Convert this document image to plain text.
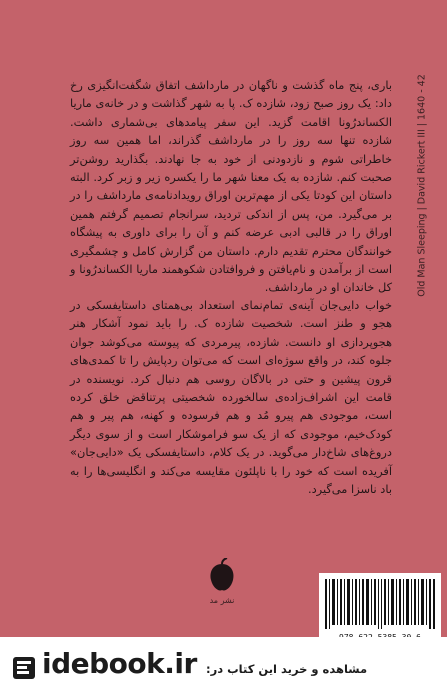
Old Man Sleeping | David Rickert III | 1640 - 42

باری، پنج ماه گذشت و ناگهان در مارداشف اتفاق شگفت‌انگیزی رخ داد: یک روز صبح زود، شازده ک. پا به شهر گذاشت و در خانه‌ی ماریا الکساندرُونا اقامت گزید. این سفر پیامدهای بی‌شماری داشت. شازده تنها سه روز را در مارداشف گذراند، اما همین سه روز خاطراتی شوم و نازدودنی از خود به جا نهادند. بگذارید روشن‌تر صحبت کنم. شازده به یک معنا شهر ما را یکسره زیر و زبر کرد. البته داستان این کودتا یکی از مهم‌ترین اوراق رویدادنامه‌ی مارداشف را در بر می‌گیرد. من، پس از اندکی تردید، سرانجام تصمیم گرفتم همین اوراق را در قالبی ادبی عرضه کنم و آن را برای داوری به پیشگاه خوانندگان محترم تقدیم دارم. داستان من گزارش کامل و چشمگیری است از برآمدن و نام‌یافتن و فروافتادن شکوهمند ماریا الکساندرُونا و کل خاندان او در مارداشف.

خواب دایی‌جان آینه‌ی تمام‌نمای استعداد بی‌همتای داستایفسکی در هجو و طنز است. شخصیت شازده ک. را باید نمود آشکار هنر هجوپردازی او دانست. شازده، پیرمردی که پیوسته می‌کوشد جوان جلوه کند، در واقع سوژه‌ای است که می‌توان ردپایش را تا کمدی‌های قرون پیشین و حتی در بالاگان روسی هم دنبال کرد. نویسنده در قامت این اشراف‌زاده‌ی سالخورده شخصیتی پرتناقض خلق کرده است، موجودی هم پیرو مُد و هم فرسوده و کهنه، هم پیر و هم کودک‌خیم، موجودی که از یک سو فراموشکار است و از سوی دیگر دروغ‌های شاخ‌دار می‌گوید. در یک کلام، داستایفسکی یک «دایی‌جان» آفریده است که خود را با ناپلئون مقایسه می‌کند و انگلیسی‌ها را به باد ناسزا می‌گیرد.

نشر مد
idebook.ir مشاهده و خرید این کتاب در:
